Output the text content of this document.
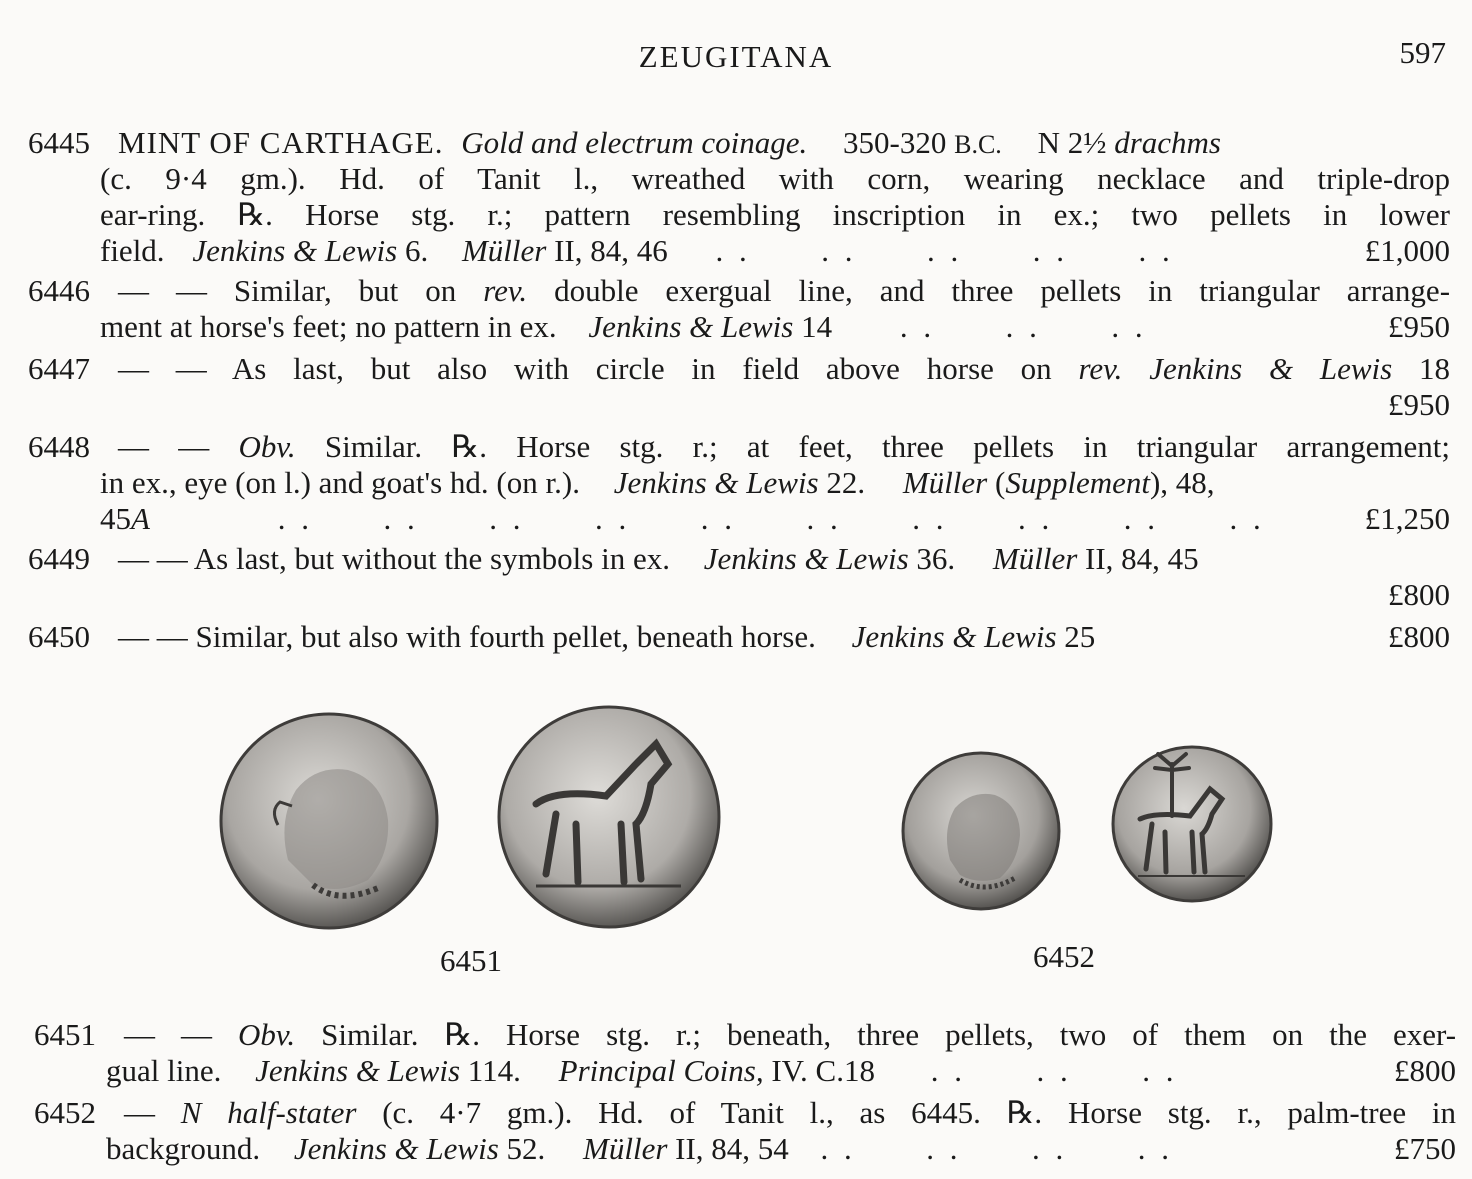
ZEUGITANA	597
6445 MINT OF CARTHAGE. Gold and electrum coinage. 350-320 B.C. N 2½ drachms
(c. 9·4 gm.). Hd. of Tanit l., wreathed with corn, wearing necklace and triple-drop
ear-ring. ℞. Horse stg. r.; pattern resembling inscription in ex.; two pellets in lower
field. Jenkins & Lewis 6. Müller II, 84, 46 . .      . .      . .      . .      . .	£1,000
6446 — — Similar, but on rev. double exergual line, and three pellets in triangular arrange-
ment at horse's feet; no pattern in ex. Jenkins & Lewis 14 . .      . .      . .	£950
6447 — — As last, but also with circle in field above horse on rev. Jenkins & Lewis 18
£950
6448 — — Obv. Similar. ℞. Horse stg. r.; at feet, three pellets in triangular arrangement;
in ex., eye (on l.) and goat's hd. (on r.). Jenkins & Lewis 22. Müller (Supplement), 48,
45A	. .      . .      . .      . .      . .      . .      . .      . .      . .      . .	£1,250
6449 — — As last, but without the symbols in ex. Jenkins & Lewis 36. Müller II, 84, 45
£800
6450 — — Similar, but also with fourth pellet, beneath horse. Jenkins & Lewis 25	£800
6451	6452
6451 — — Obv. Similar. ℞. Horse stg. r.; beneath, three pellets, two of them on the exer-
gual line. Jenkins & Lewis 114. Principal Coins, IV. C.18 . .      . .      . .	£800
6452 — N half-stater (c. 4·7 gm.). Hd. of Tanit l., as 6445. ℞. Horse stg. r., palm-tree in
background. Jenkins & Lewis 52. Müller II, 84, 54 . .      . .      . .      . .	£750
